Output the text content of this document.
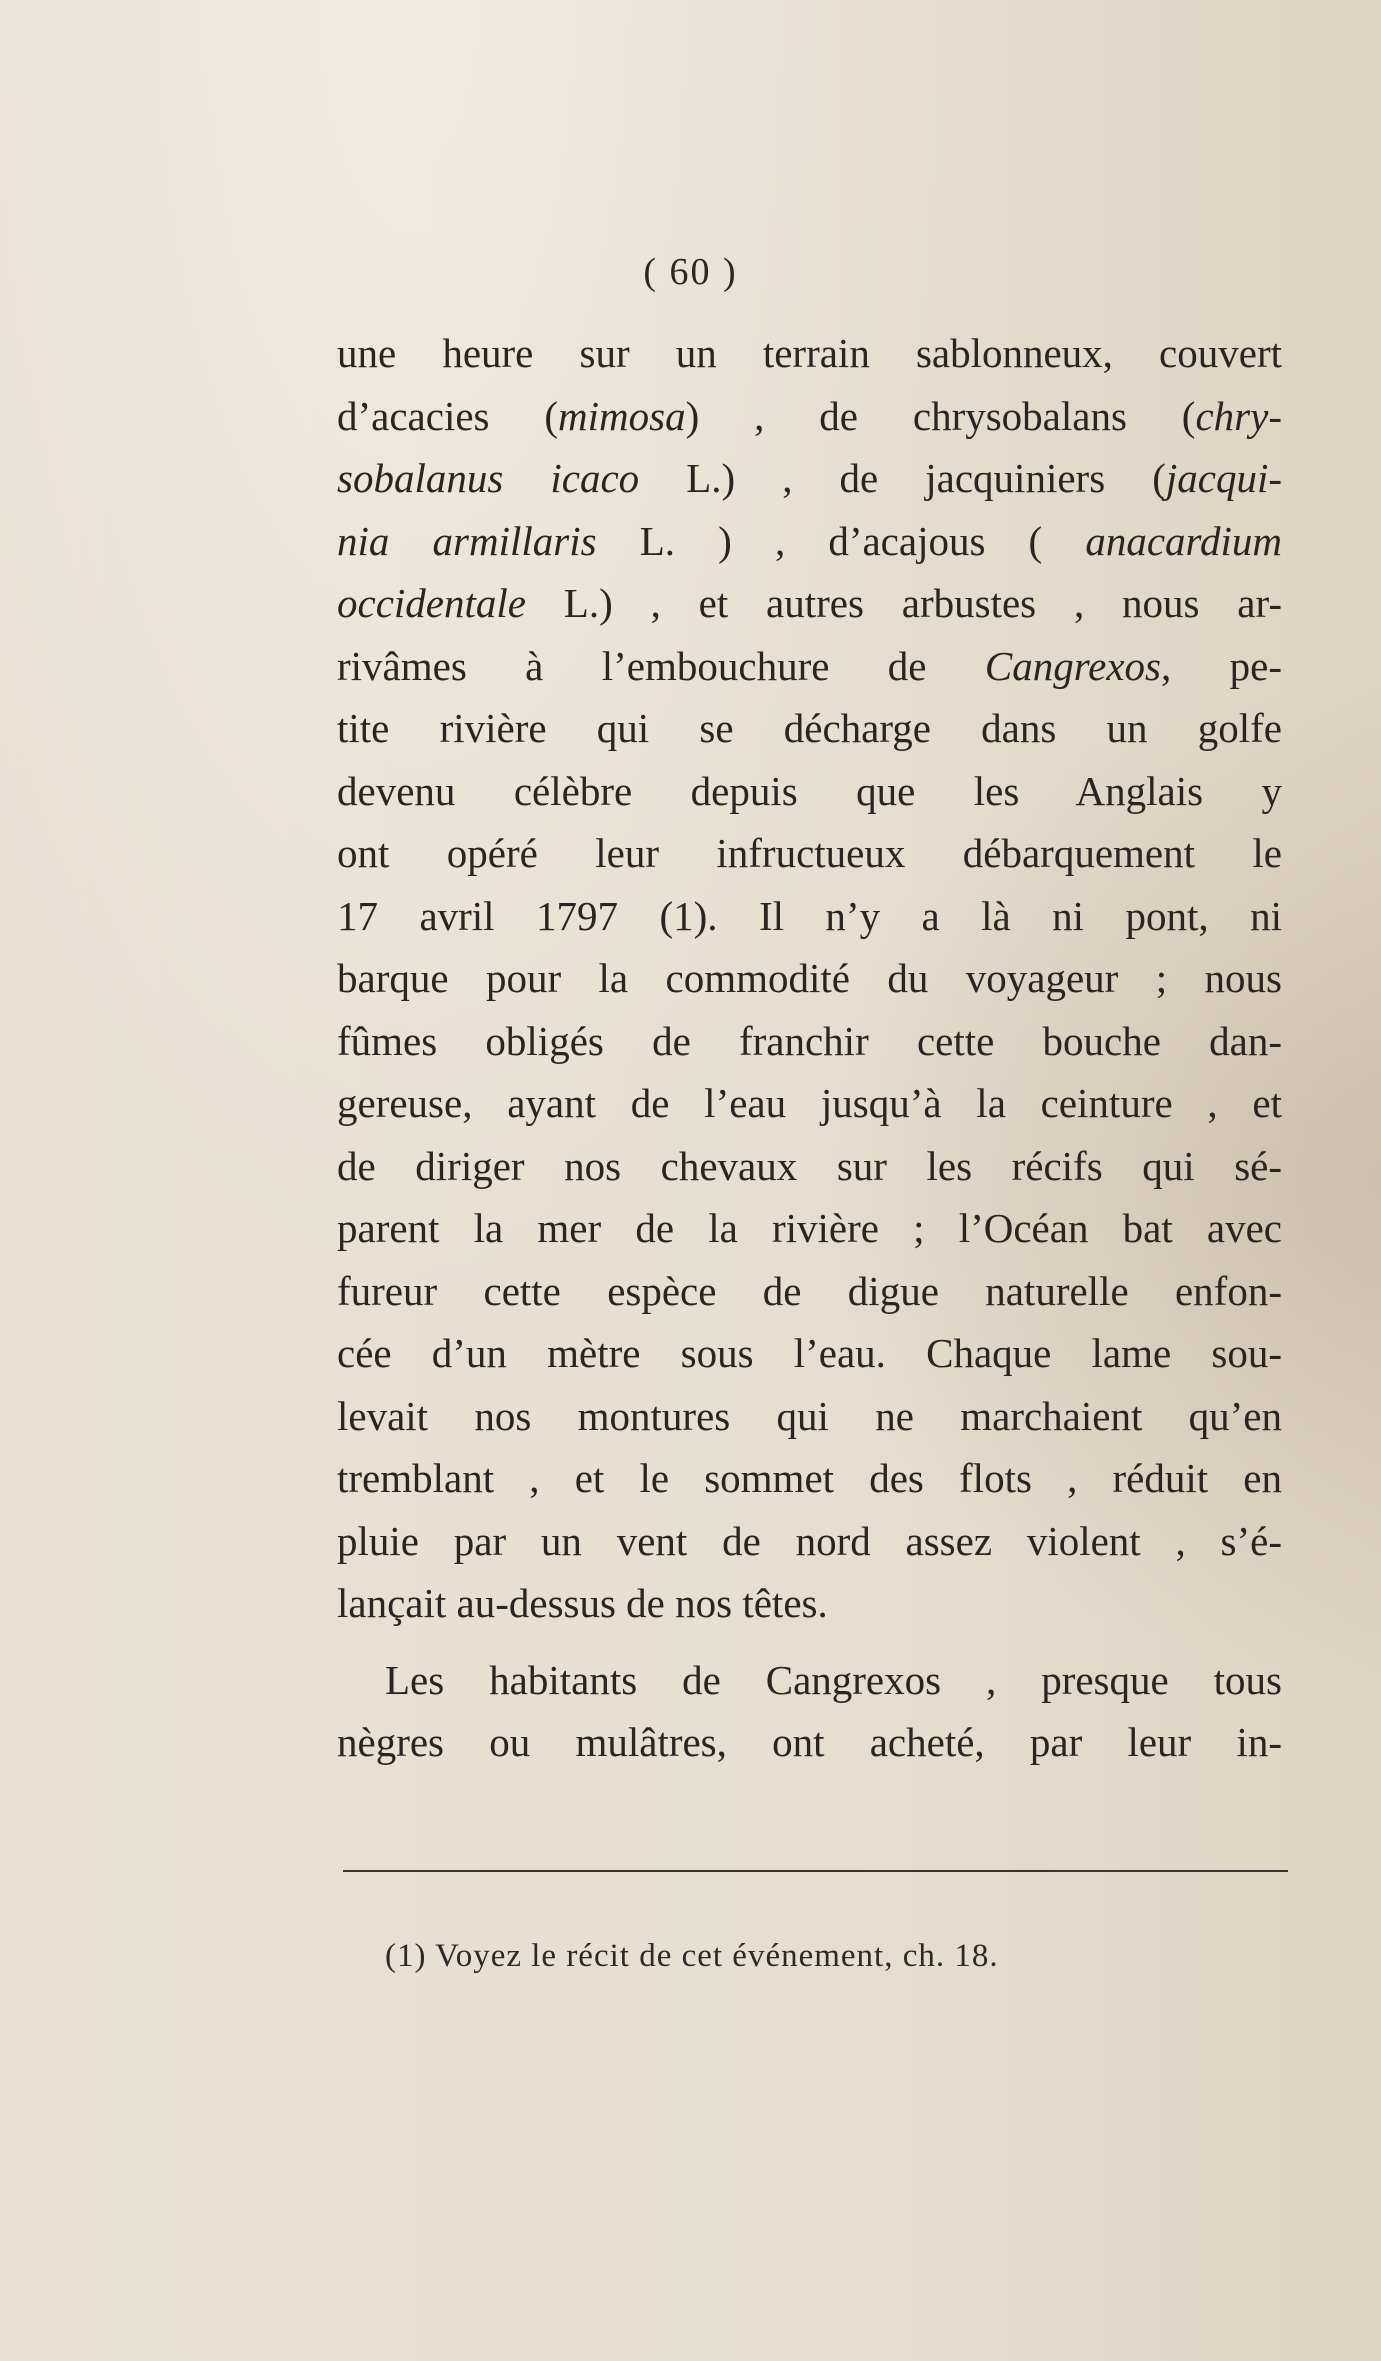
( 60 )
une heure sur un terrain sablonneux, couvert
d’acacies (mimosa) , de chrysobalans (chry-
sobalanus icaco L.) , de jacquiniers (jacqui-
nia armillaris L. ) , d’acajous ( anacardium
occidentale L.) , et autres arbustes , nous ar-
rivâmes à l’embouchure de Cangrexos, pe-
tite rivière qui se décharge dans un golfe
devenu célèbre depuis que les Anglais y
ont opéré leur infructueux débarquement le
17 avril 1797 (1). Il n’y a là ni pont, ni
barque pour la commodité du voyageur ; nous
fûmes obligés de franchir cette bouche dan-
gereuse, ayant de l’eau jusqu’à la ceinture , et
de diriger nos chevaux sur les récifs qui sé-
parent la mer de la rivière ; l’Océan bat avec
fureur cette espèce de digue naturelle enfon-
cée d’un mètre sous l’eau. Chaque lame sou-
levait nos montures qui ne marchaient qu’en
tremblant , et le sommet des flots , réduit en
pluie par un vent de nord assez violent , s’é-
lançait au-dessus de nos têtes.
Les habitants de Cangrexos , presque tous
nègres ou mulâtres, ont acheté, par leur in-
(1) Voyez le récit de cet événement, ch. 18.
